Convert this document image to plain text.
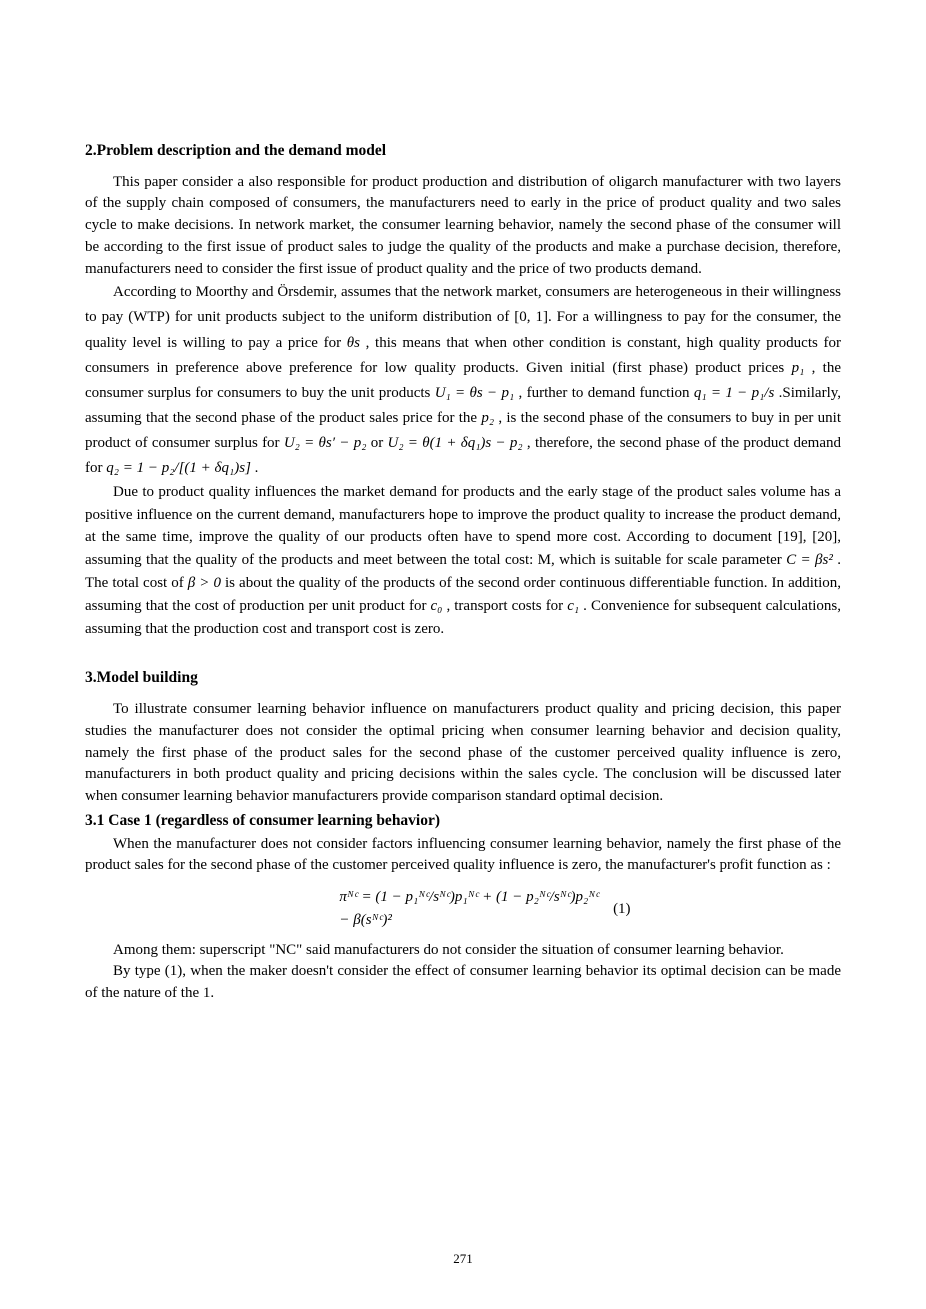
2.Problem description and the demand model

This paper consider a also responsible for product production and distribution of oligarch manufacturer with two layers of the supply chain composed of consumers, the manufacturers need to early in the price of product quality and two sales cycle to make decisions. In network market, the consumer learning behavior, namely the second phase of the consumer will be according to the first issue of product sales to judge the quality of the products and make a purchase decision, therefore, manufacturers need to consider the first issue of product quality and the price of two products demand.

According to Moorthy and Örsdemir, assumes that the network market, consumers are heterogeneous in their willingness to pay (WTP) for unit products subject to the uniform distribution of [0, 1]. For a willingness to pay for the consumer, the quality level is willing to pay a price for θs , this means that when other condition is constant, high quality products for consumers in preference above preference for low quality products. Given initial (first phase) product prices p₁ , the consumer surplus for consumers to buy the unit products U₁ = θs − p₁ , further to demand function q₁ = 1 − p₁/s .Similarly, assuming that the second phase of the product sales price for the p₂ , is the second phase of the consumers to buy in per unit product of consumer surplus for U₂ = θs′ − p₂ or U₂ = θ(1 + δq₁)s − p₂ , therefore, the second phase of the product demand for q₂ = 1 − p₂/[(1 + δq₁)s] .

Due to product quality influences the market demand for products and the early stage of the product sales volume has a positive influence on the current demand, manufacturers hope to improve the product quality to increase the product demand, at the same time, improve the quality of our products often have to spend more cost. According to document [19], [20], assuming that the quality of the products and meet between the total cost: M, which is suitable for scale parameter C = βs² . The total cost of β > 0 is about the quality of the products of the second order continuous differentiable function. In addition, assuming that the cost of production per unit product for c₀ , transport costs for c₁ . Convenience for subsequent calculations, assuming that the production cost and transport cost is zero.

3.Model building

To illustrate consumer learning behavior influence on manufacturers product quality and pricing decision, this paper studies the manufacturer does not consider the optimal pricing when consumer learning behavior and decision quality, namely the first phase of the product sales for the second phase of the customer perceived quality influence is zero, manufacturers in both product quality and pricing decisions within the sales cycle. The conclusion will be discussed later when consumer learning behavior manufacturers provide comparison standard optimal decision.

3.1 Case 1 (regardless of consumer learning behavior)

When the manufacturer does not consider factors influencing consumer learning behavior, namely the first phase of the product sales for the second phase of the customer perceived quality influence is zero, the manufacturer's profit function as :

πᴺᶜ = (1 − p₁ᴺᶜ/sᴺᶜ)p₁ᴺᶜ + (1 − p₂ᴺᶜ/sᴺᶜ)p₂ᴺᶜ
− β(sᴺᶜ)²
(1)

Among them: superscript "NC" said manufacturers do not consider the situation of consumer learning behavior.

By type (1), when the maker doesn't consider the effect of consumer learning behavior its optimal decision can be made of the nature of the 1.

271
